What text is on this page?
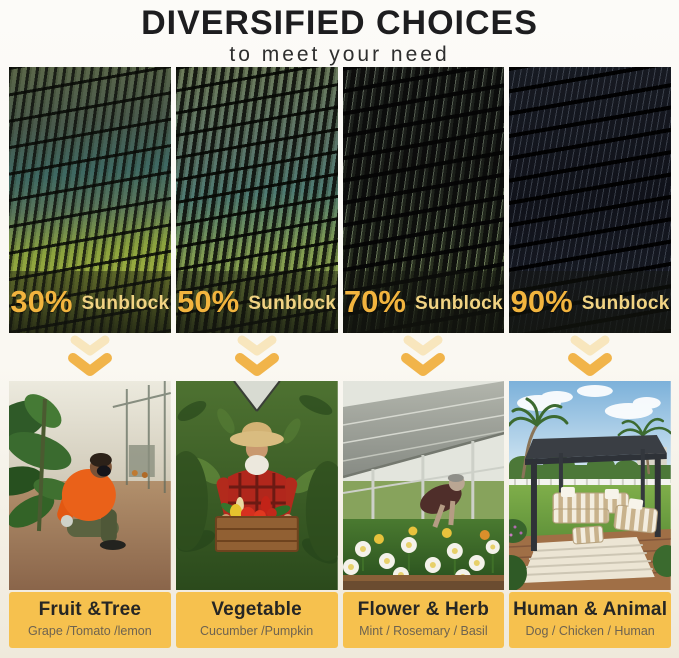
DIVERSIFIED CHOICES

to meet your need

30% Sunblock
Fruit &Tree
Grape /Tomato /lemon
50% Sunblock
Vegetable
Cucumber /Pumpkin
70% Sunblock
Flower & Herb
Mint / Rosemary / Basil
90% Sunblock
Human & Animal
Dog / Chicken / Human
